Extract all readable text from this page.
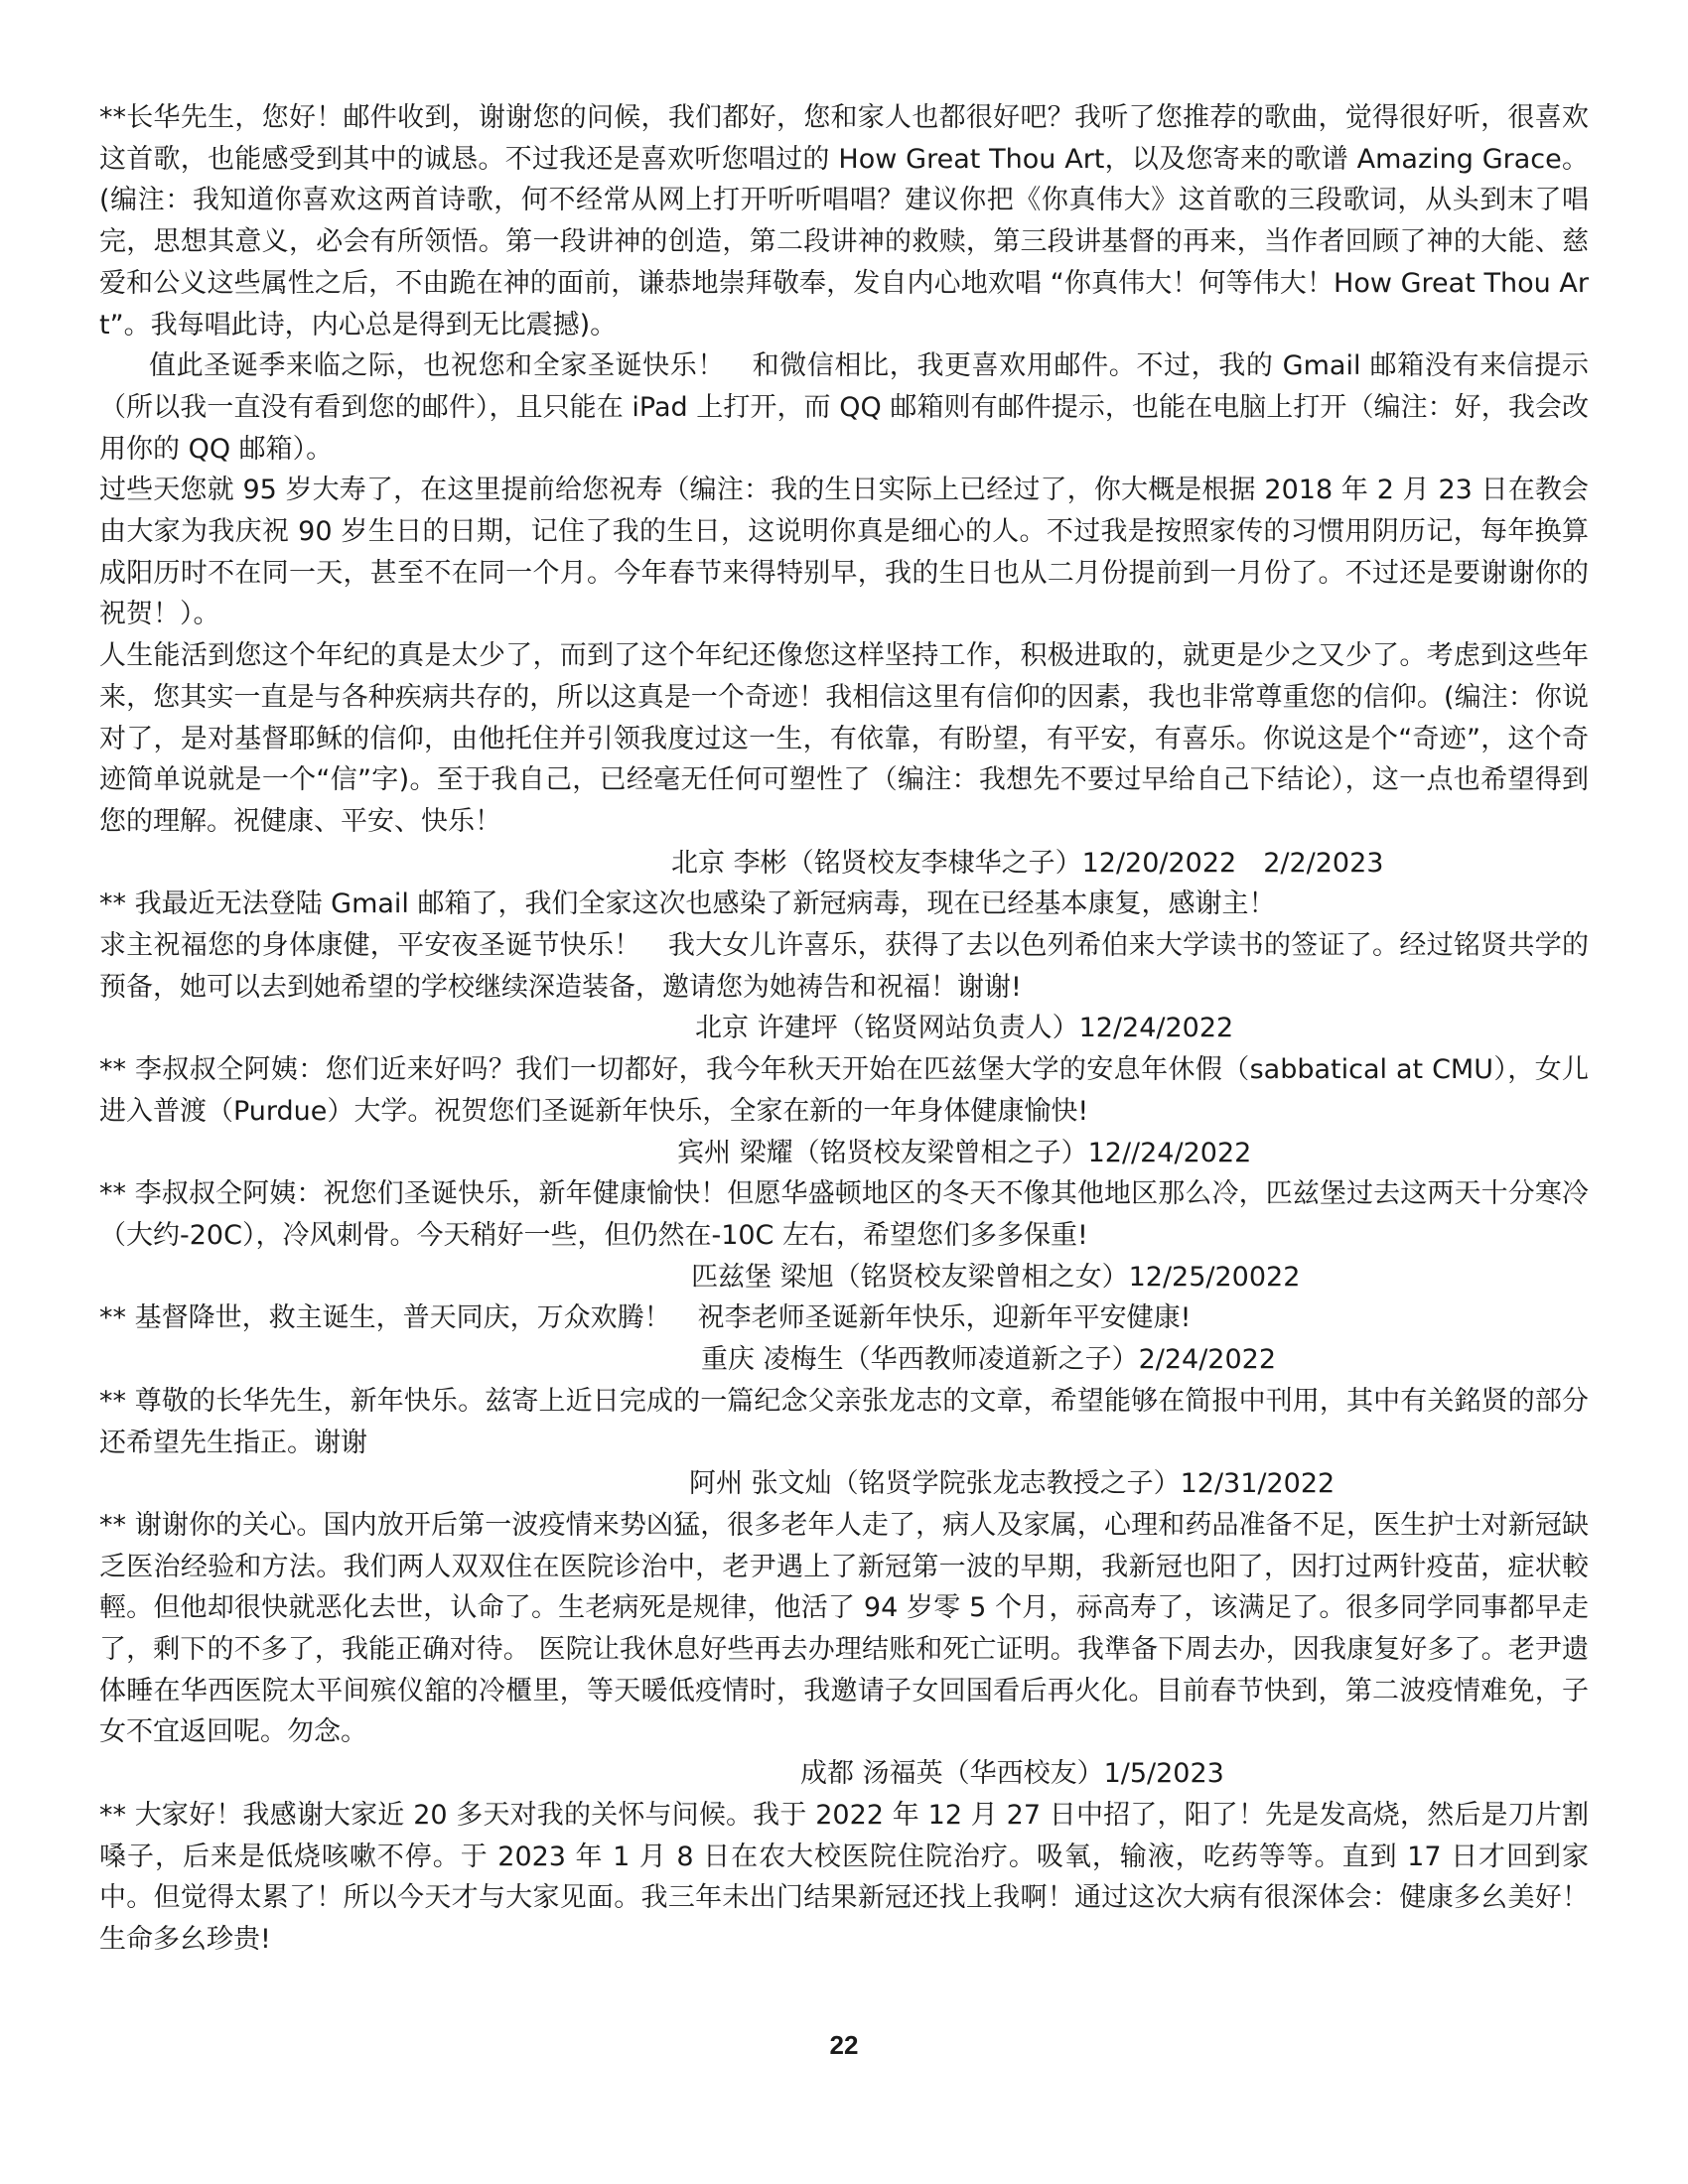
**长华先生，您好！邮件收到，谢谢您的问候，我们都好，您和家人也都很好吧？我听了您推荐的歌曲，觉得很好听，很喜欢这首歌，也能感受到其中的诚恳。不过我还是喜欢听您唱过的 How Great Thou Art，以及您寄来的歌谱 Amazing Grace。(编注：我知道你喜欢这两首诗歌，何不经常从网上打开听听唱唱？建议你把《你真伟大》这首歌的三段歌词，从头到末了唱完，思想其意义，必会有所领悟。第一段讲神的创造，第二段讲神的救赎，第三段讲基督的再来，当作者回顾了神的大能、慈爱和公义这些属性之后，不由跪在神的面前，谦恭地崇拜敬奉，发自内心地欢唱 “你真伟大！何等伟大！How Great Thou Art”。我每唱此诗，内心总是得到无比震撼)。

值此圣诞季来临之际，也祝您和全家圣诞快乐！　和微信相比，我更喜欢用邮件。不过，我的 Gmail 邮箱没有来信提示（所以我一直没有看到您的邮件），且只能在 iPad 上打开，而 QQ 邮箱则有邮件提示，也能在电脑上打开（编注：好，我会改用你的 QQ 邮箱）。

过些天您就 95 岁大寿了，在这里提前给您祝寿（编注：我的生日实际上已经过了，你大概是根据 2018 年 2 月 23 日在教会由大家为我庆祝 90 岁生日的日期，记住了我的生日，这说明你真是细心的人。不过我是按照家传的习惯用阴历记，每年换算成阳历时不在同一天，甚至不在同一个月。今年春节来得特别早，我的生日也从二月份提前到一月份了。不过还是要谢谢你的祝贺！）。

人生能活到您这个年纪的真是太少了，而到了这个年纪还像您这样坚持工作，积极进取的，就更是少之又少了。考虑到这些年来，您其实一直是与各种疾病共存的，所以这真是一个奇迹！我相信这里有信仰的因素，我也非常尊重您的信仰。(编注：你说对了，是对基督耶稣的信仰，由他托住并引领我度过这一生，有依靠，有盼望，有平安，有喜乐。你说这是个“奇迹”，这个奇迹简单说就是一个“信”字)。至于我自己，已经毫无任何可塑性了（编注：我想先不要过早给自己下结论），这一点也希望得到您的理解。祝健康、平安、快乐！

北京 李彬（铭贤校友李棣华之子）12/20/2022　2/2/2023

** 我最近无法登陆 Gmail 邮箱了，我们全家这次也感染了新冠病毒，现在已经基本康复，感谢主！

求主祝福您的身体康健，平安夜圣诞节快乐！　我大女儿许喜乐，获得了去以色列希伯来大学读书的签证了。经过铭贤共学的预备，她可以去到她希望的学校继续深造装备，邀请您为她祷告和祝福！谢谢!

北京 许建坪（铭贤网站负责人）12/24/2022

** 李叔叔仝阿姨：您们近来好吗？我们一切都好，我今年秋天开始在匹兹堡大学的安息年休假（sabbatical at CMU），女儿进入普渡（Purdue）大学。祝贺您们圣诞新年快乐，全家在新的一年身体健康愉快!

宾州 梁耀（铭贤校友梁曾相之子）12//24/2022

** 李叔叔仝阿姨：祝您们圣诞快乐，新年健康愉快！但愿华盛顿地区的冬天不像其他地区那么冷，匹兹堡过去这两天十分寒冷（大约-20C），冷风刺骨。今天稍好一些，但仍然在-10C 左右，希望您们多多保重!

匹兹堡 梁旭（铭贤校友梁曾相之女）12/25/20022

** 基督降世，救主诞生，普天同庆，万众欢腾！　祝李老师圣诞新年快乐，迎新年平安健康!

重庆 凌梅生（华西教师凌道新之子）2/24/2022

** 尊敬的长华先生，新年快乐。兹寄上近日完成的一篇纪念父亲张龙志的文章，希望能够在简报中刊用，其中有关銘贤的部分还希望先生指正。谢谢

阿州 张文灿（铭贤学院张龙志教授之子）12/31/2022

** 谢谢你的关心。国内放开后第一波疫情来势凶猛，很多老年人走了，病人及家属，心理和药品准备不足，医生护士对新冠缺乏医治经验和方法。我们两人双双住在医院诊治中，老尹遇上了新冠第一波的早期，我新冠也阳了，因打过两针疫苗，症状較輕。但他却很快就恶化去世，认命了。生老病死是规律，他活了 94 岁零 5 个月，祘高寿了，该满足了。很多同学同事都早走了，剩下的不多了，我能正确对待。 医院让我休息好些再去办理结账和死亡证明。我準备下周去办，因我康复好多了。老尹遗体睡在华西医院太平间殡仪舘的冷櫃里，等天暖低疫情时，我邀请子女回国看后再火化。目前春节快到，第二波疫情难免，子女不宜返回呢。勿念。

成都 汤福英（华西校友）1/5/2023

** 大家好！我感谢大家近 20 多天对我的关怀与问候。我于 2022 年 12 月 27 日中招了，阳了！先是发高烧，然后是刀片割嗓子，后来是低烧咳嗽不停。于 2023 年 1 月 8 日在农大校医院住院治疗。吸氧，输液，吃药等等。直到 17 日才回到家中。但觉得太累了！所以今天才与大家见面。我三年未出门结果新冠还找上我啊！通过这次大病有很深体会：健康多幺美好！生命多幺珍贵!

22
